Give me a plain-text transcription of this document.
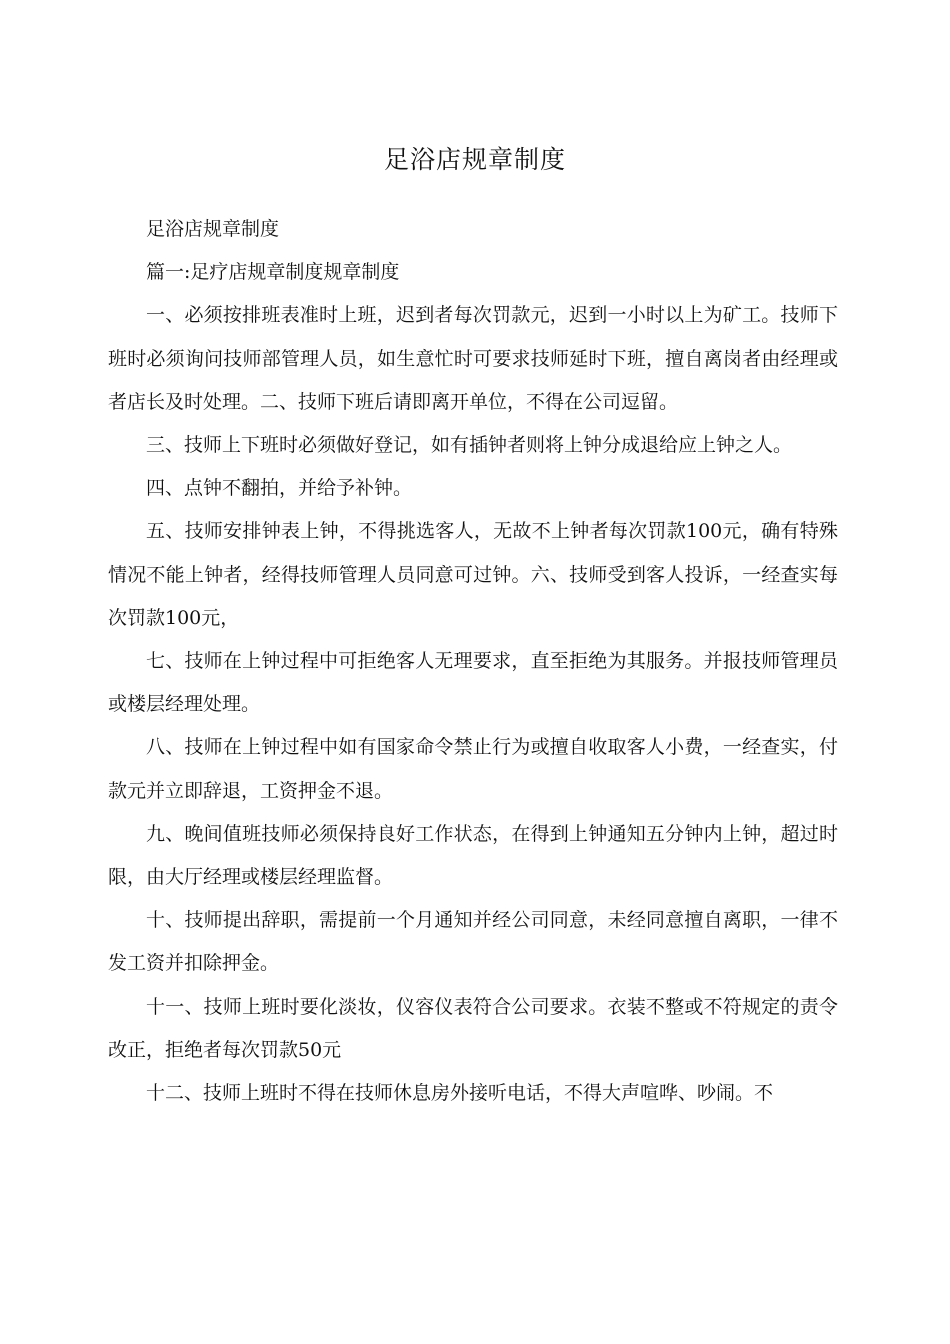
足浴店规章制度

足浴店规章制度

篇一:足疗店规章制度规章制度

一、必须按排班表准时上班，迟到者每次罚款元，迟到一小时以上为矿工。技师下班时必须询问技师部管理人员，如生意忙时可要求技师延时下班，擅自离岗者由经理或者店长及时处理。二、技师下班后请即离开单位，不得在公司逗留。

三、技师上下班时必须做好登记，如有插钟者则将上钟分成退给应上钟之人。

四、点钟不翻拍，并给予补钟。

五、技师安排钟表上钟，不得挑选客人，无故不上钟者每次罚款100元，确有特殊情况不能上钟者，经得技师管理人员同意可过钟。六、技师受到客人投诉，一经查实每次罚款100元，

七、技师在上钟过程中可拒绝客人无理要求，直至拒绝为其服务。并报技师管理员或楼层经理处理。

八、技师在上钟过程中如有国家命令禁止行为或擅自收取客人小费，一经查实，付款元并立即辞退，工资押金不退。

九、晚间值班技师必须保持良好工作状态，在得到上钟通知五分钟内上钟，超过时限，由大厅经理或楼层经理监督。

十、技师提出辞职，需提前一个月通知并经公司同意，未经同意擅自离职，一律不发工资并扣除押金。

十一、技师上班时要化淡妆，仪容仪表符合公司要求。衣装不整或不符规定的责令改正，拒绝者每次罚款50元

十二、技师上班时不得在技师休息房外接听电话，不得大声喧哗、吵闹。不
